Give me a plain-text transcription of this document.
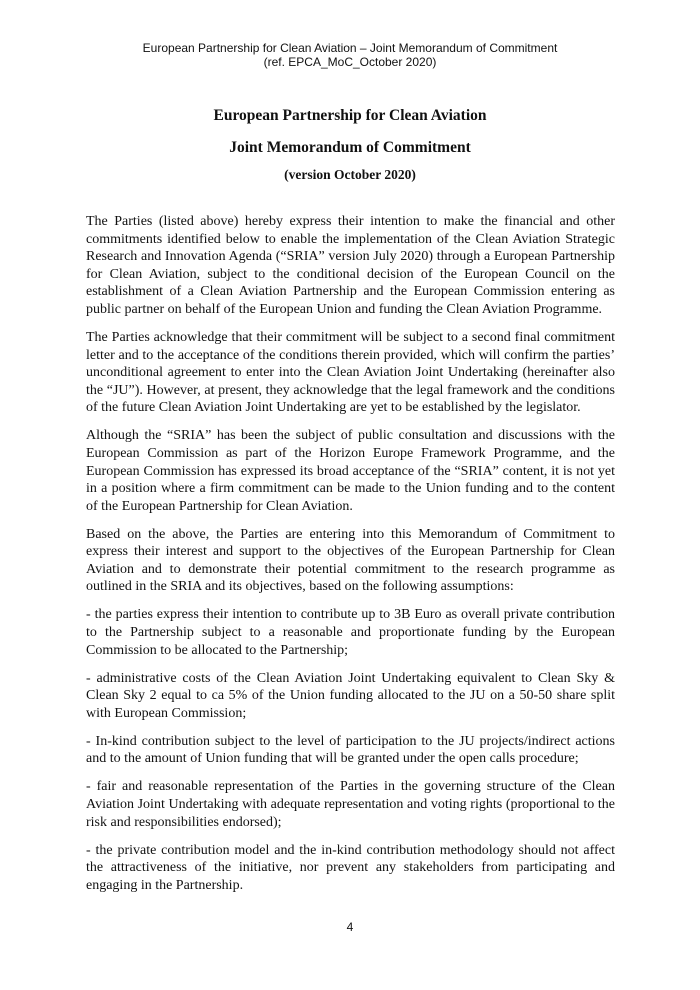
European Partnership for Clean Aviation – Joint Memorandum of Commitment
(ref. EPCA_MoC_October 2020)
European Partnership for Clean Aviation
Joint Memorandum of Commitment
(version October 2020)

The Parties (listed above) hereby express their intention to make the financial and other commitments identified below to enable the implementation of the Clean Aviation Strategic Research and Innovation Agenda (“SRIA” version July 2020) through a European Partnership for Clean Aviation, subject to the conditional decision of the European Council on the establishment of a Clean Aviation Partnership and the European Commission entering as public partner on behalf of the European Union and funding the Clean Aviation Programme.

The Parties acknowledge that their commitment will be subject to a second final commitment letter and to the acceptance of the conditions therein provided, which will confirm the parties’ unconditional agreement to enter into the Clean Aviation Joint Undertaking (hereinafter also the “JU”). However, at present, they acknowledge that the legal framework and the conditions of the future Clean Aviation Joint Undertaking are yet to be established by the legislator.

Although the “SRIA” has been the subject of public consultation and discussions with the European Commission as part of the Horizon Europe Framework Programme, and the European Commission has expressed its broad acceptance of the “SRIA” content, it is not yet in a position where a firm commitment can be made to the Union funding and to the content of the European Partnership for Clean Aviation.

Based on the above, the Parties are entering into this Memorandum of Commitment to express their interest and support to the objectives of the European Partnership for Clean Aviation and to demonstrate their potential commitment to the research programme as outlined in the SRIA and its objectives, based on the following assumptions:

- the parties express their intention to contribute up to 3B Euro as overall private contribution to the Partnership subject to a reasonable and proportionate funding by the European Commission to be allocated to the Partnership;

- administrative costs of the Clean Aviation Joint Undertaking equivalent to Clean Sky & Clean Sky 2 equal to ca 5% of the Union funding allocated to the JU on a 50-50 share split with European Commission;

- In-kind contribution subject to the level of participation to the JU projects/indirect actions and to the amount of Union funding that will be granted under the open calls procedure;

- fair and reasonable representation of the Parties in the governing structure of the Clean Aviation Joint Undertaking with adequate representation and voting rights (proportional to the risk and responsibilities endorsed);

- the private contribution model and the in-kind contribution methodology should not affect the attractiveness of the initiative, nor prevent any stakeholders from participating and engaging in the Partnership.

4
